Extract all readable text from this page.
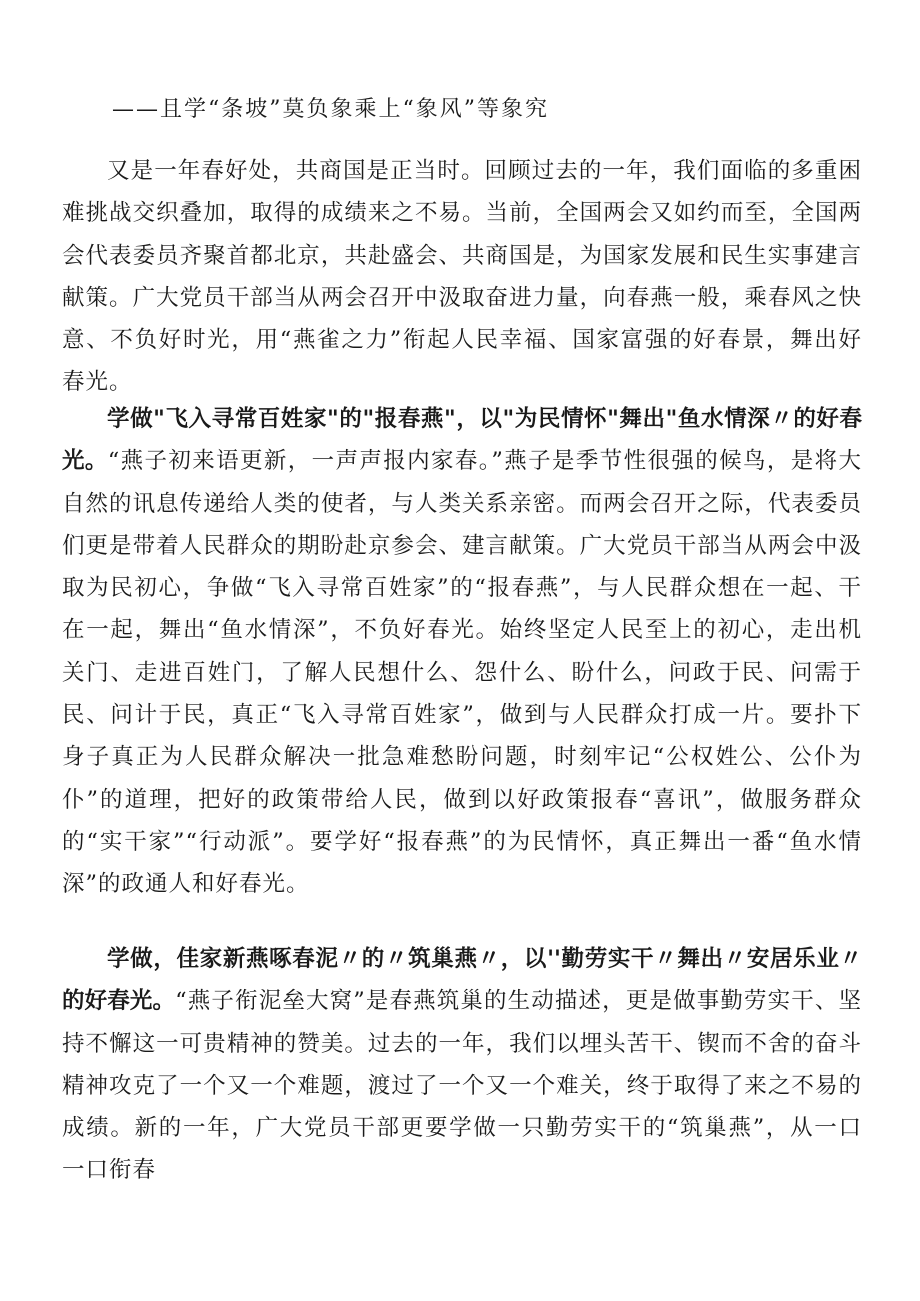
——且学“条坡”莫负象乘上“象风”等象究
又是一年春好处，共商国是正当时。回顾过去的一年，我们面临的多重困难挑战交织叠加，取得的成绩来之不易。当前，全国两会又如约而至，全国两会代表委员齐聚首都北京，共赴盛会、共商国是，为国家发展和民生实事建言献策。广大党员干部当从两会召开中汲取奋进力量，向春燕一般，乘春风之快意、不负好时光，用“燕雀之力”衔起人民幸福、国家富强的好春景，舞出好春光。
学做"飞入寻常百姓家"的"报春燕"，以"为民情怀"舞出"鱼水情深〃的好春光。“燕子初来语更新，一声声报内家春。”燕子是季节性很强的候鸟，是将大自然的讯息传递给人类的使者，与人类关系亲密。而两会召开之际，代表委员们更是带着人民群众的期盼赴京参会、建言献策。广大党员干部当从两会中汲取为民初心，争做“飞入寻常百姓家”的“报春燕”，与人民群众想在一起、干在一起，舞出“鱼水情深”，不负好春光。始终坚定人民至上的初心，走出机关门、走进百姓门，了解人民想什么、怨什么、盼什么，问政于民、问需于民、问计于民，真正“飞入寻常百姓家”，做到与人民群众打成一片。要扑下身子真正为人民群众解决一批急难愁盼问题，时刻牢记“公权姓公、公仆为仆”的道理，把好的政策带给人民，做到以好政策报春“喜讯”，做服务群众的“实干家”“行动派”。要学好“报春燕”的为民情怀，真正舞出一番“鱼水情深”的政通人和好春光。
学做，佳家新燕啄春泥〃的〃筑巢燕〃，以''勤劳实干〃舞出〃安居乐业〃的好春光。“燕子衔泥垒大窝”是春燕筑巢的生动描述，更是做事勤劳实干、坚持不懈这一可贵精神的赞美。过去的一年，我们以埋头苦干、锲而不舍的奋斗精神攻克了一个又一个难题，渡过了一个又一个难关，终于取得了来之不易的成绩。新的一年，广大党员干部更要学做一只勤劳实干的“筑巢燕”，从一口一口衔春
